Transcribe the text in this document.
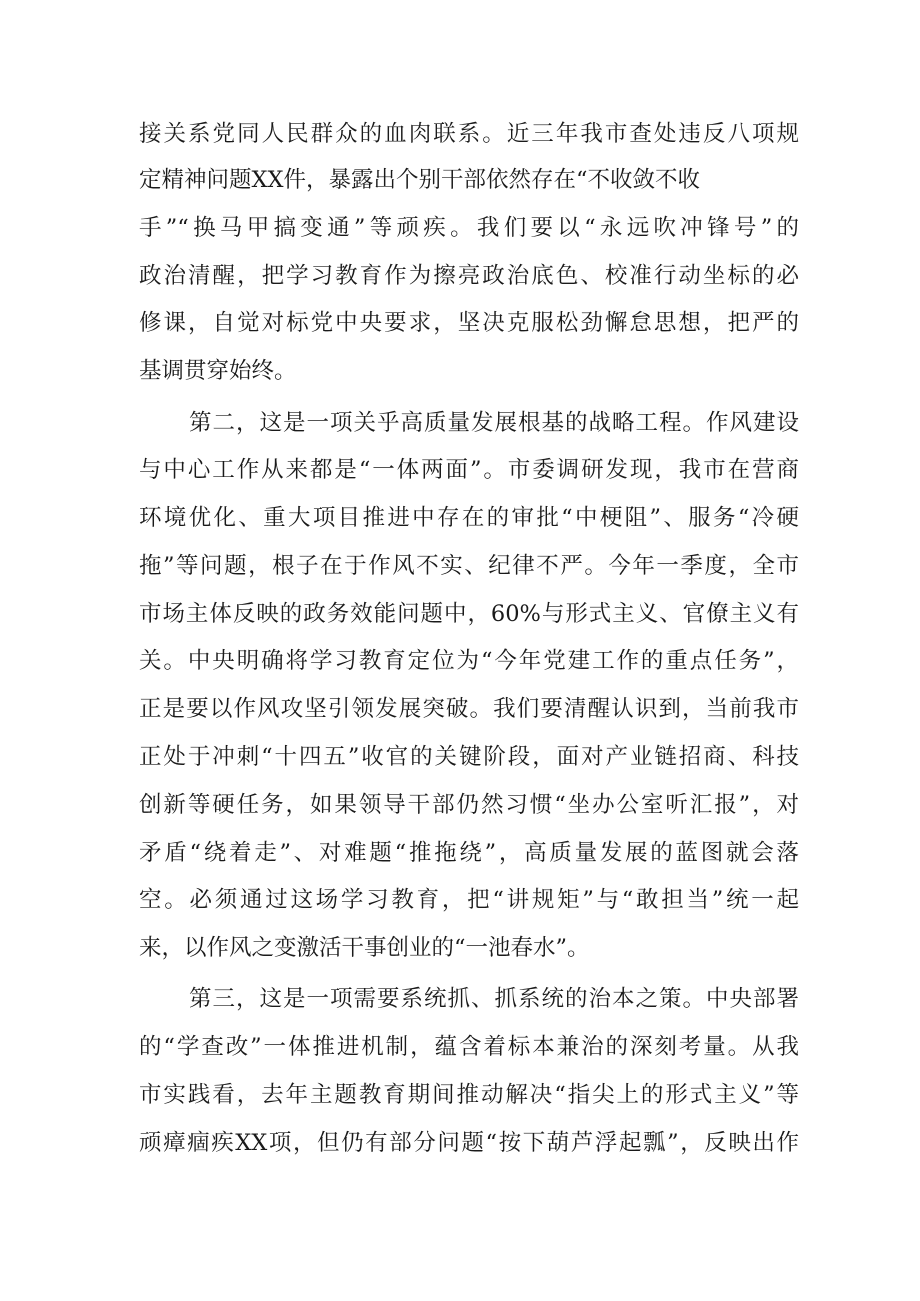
接关系党同人民群众的血肉联系。近三年我市查处违反八项规
定精神问题XX件，暴露出个别干部依然存在“不收敛不收
手”“换马甲搞变通”等顽疾。我们要以“永远吹冲锋号”的
政治清醒，把学习教育作为擦亮政治底色、校准行动坐标的必
修课，自觉对标党中央要求，坚决克服松劲懈怠思想，把严的
基调贯穿始终。
第二，这是一项关乎高质量发展根基的战略工程。作风建设
与中心工作从来都是“一体两面”。市委调研发现，我市在营商
环境优化、重大项目推进中存在的审批“中梗阻”、服务“冷硬
拖”等问题，根子在于作风不实、纪律不严。今年一季度，全市
市场主体反映的政务效能问题中，60%与形式主义、官僚主义有
关。中央明确将学习教育定位为“今年党建工作的重点任务”，
正是要以作风攻坚引领发展突破。我们要清醒认识到，当前我市
正处于冲刺“十四五”收官的关键阶段，面对产业链招商、科技
创新等硬任务，如果领导干部仍然习惯“坐办公室听汇报”，对
矛盾“绕着走”、对难题“推拖绕”，高质量发展的蓝图就会落
空。必须通过这场学习教育，把“讲规矩”与“敢担当”统一起
来，以作风之变激活干事创业的“一池春水”。
第三，这是一项需要系统抓、抓系统的治本之策。中央部署
的“学查改”一体推进机制，蕴含着标本兼治的深刻考量。从我
市实践看，去年主题教育期间推动解决“指尖上的形式主义”等
顽瘴痼疾XX项，但仍有部分问题“按下葫芦浮起瓢”，反映出作
